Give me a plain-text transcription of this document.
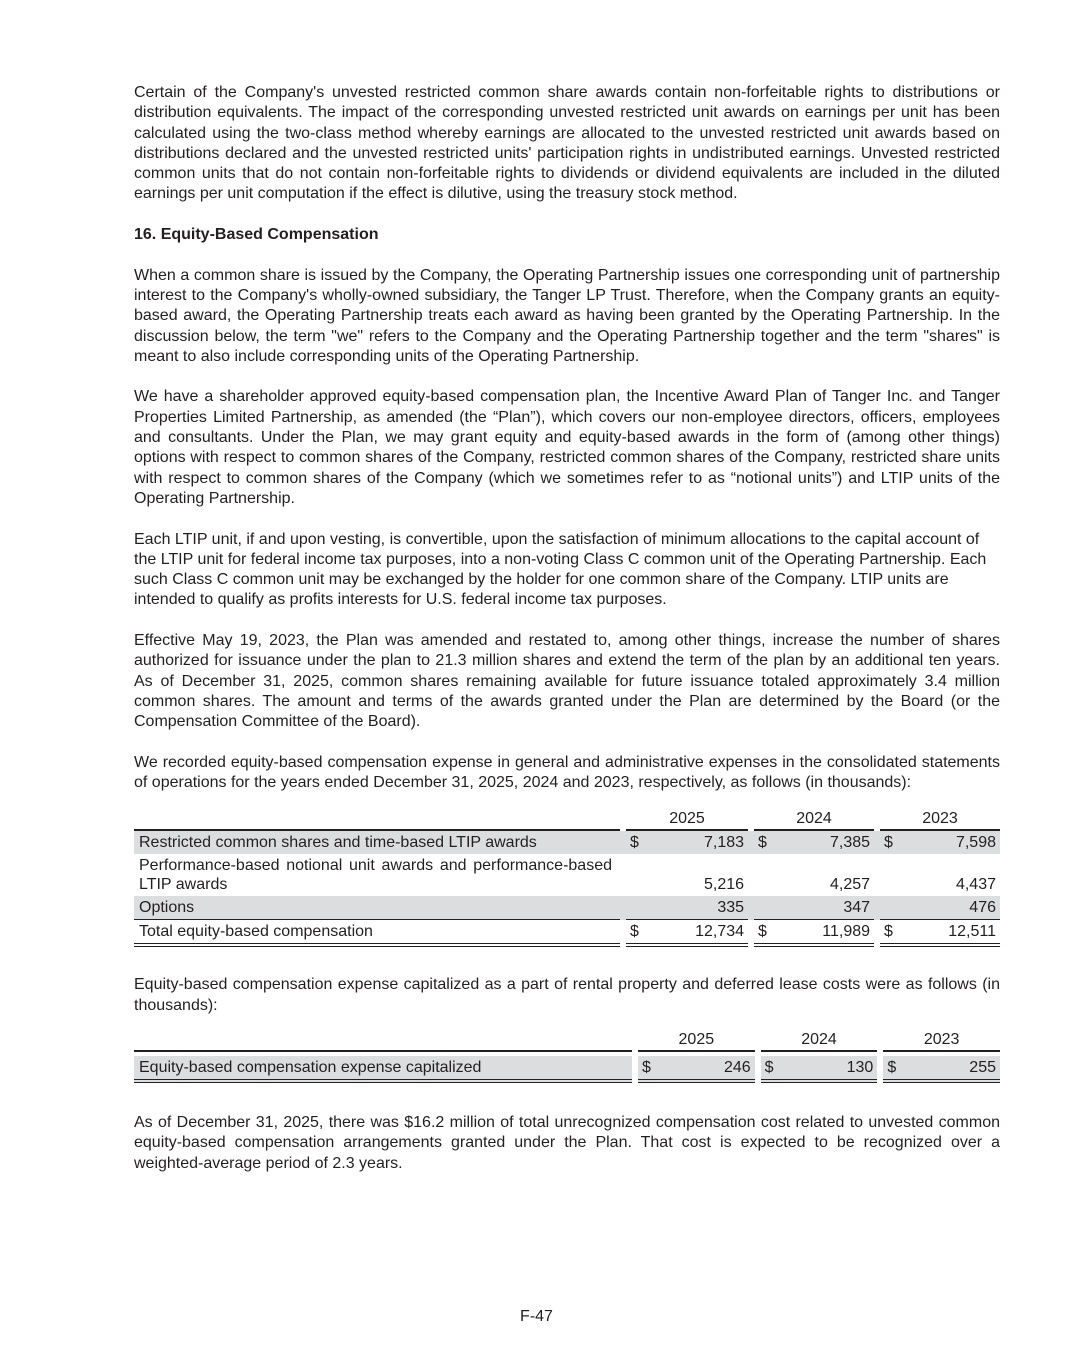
Certain of the Company's unvested restricted common share awards contain non-forfeitable rights to distributions or distribution equivalents. The impact of the corresponding unvested restricted unit awards on earnings per unit has been calculated using the two-class method whereby earnings are allocated to the unvested restricted unit awards based on distributions declared and the unvested restricted units' participation rights in undistributed earnings. Unvested restricted common units that do not contain non-forfeitable rights to dividends or dividend equivalents are included in the diluted earnings per unit computation if the effect is dilutive, using the treasury stock method.

16. Equity-Based Compensation

When a common share is issued by the Company, the Operating Partnership issues one corresponding unit of partnership interest to the Company's wholly-owned subsidiary, the Tanger LP Trust. Therefore, when the Company grants an equity-based award, the Operating Partnership treats each award as having been granted by the Operating Partnership. In the discussion below, the term "we" refers to the Company and the Operating Partnership together and the term "shares" is meant to also include corresponding units of the Operating Partnership.

We have a shareholder approved equity-based compensation plan, the Incentive Award Plan of Tanger Inc. and Tanger Properties Limited Partnership, as amended (the “Plan”), which covers our non-employee directors, officers, employees and consultants. Under the Plan, we may grant equity and equity-based awards in the form of (among other things) options with respect to common shares of the Company, restricted common shares of the Company, restricted share units with respect to common shares of the Company (which we sometimes refer to as “notional units”) and LTIP units of the Operating Partnership.

Each LTIP unit, if and upon vesting, is convertible, upon the satisfaction of minimum allocations to the capital account of the LTIP unit for federal income tax purposes, into a non-voting Class C common unit of the Operating Partnership. Each such Class C common unit may be exchanged by the holder for one common share of the Company. LTIP units are intended to qualify as profits interests for U.S. federal income tax purposes.

Effective May 19, 2023, the Plan was amended and restated to, among other things, increase the number of shares authorized for issuance under the plan to 21.3 million shares and extend the term of the plan by an additional ten years. As of December 31, 2025, common shares remaining available for future issuance totaled approximately 3.4 million common shares. The amount and terms of the awards granted under the Plan are determined by the Board (or the Compensation Committee of the Board).

We recorded equity-based compensation expense in general and administrative expenses in the consolidated statements of operations for the years ended December 31, 2025, 2024 and 2023, respectively, as follows (in thousands):

		2025			2024			2023	
Restricted common shares and time-based LTIP awards		$	7,183		$	7,385		$	7,598
Performance-based notional unit awards and performance-based LTIP awards			5,216			4,257			4,437
Options			335			347			476
Total equity-based compensation		$	12,734		$	11,989		$	12,511

Equity-based compensation expense capitalized as a part of rental property and deferred lease costs were as follows (in thousands):

		2025			2024			2023	

Equity-based compensation expense capitalized		$	246		$	130		$	255

As of December 31, 2025, there was $16.2 million of total unrecognized compensation cost related to unvested common equity-based compensation arrangements granted under the Plan. That cost is expected to be recognized over a weighted-average period of 2.3 years.

F-47
